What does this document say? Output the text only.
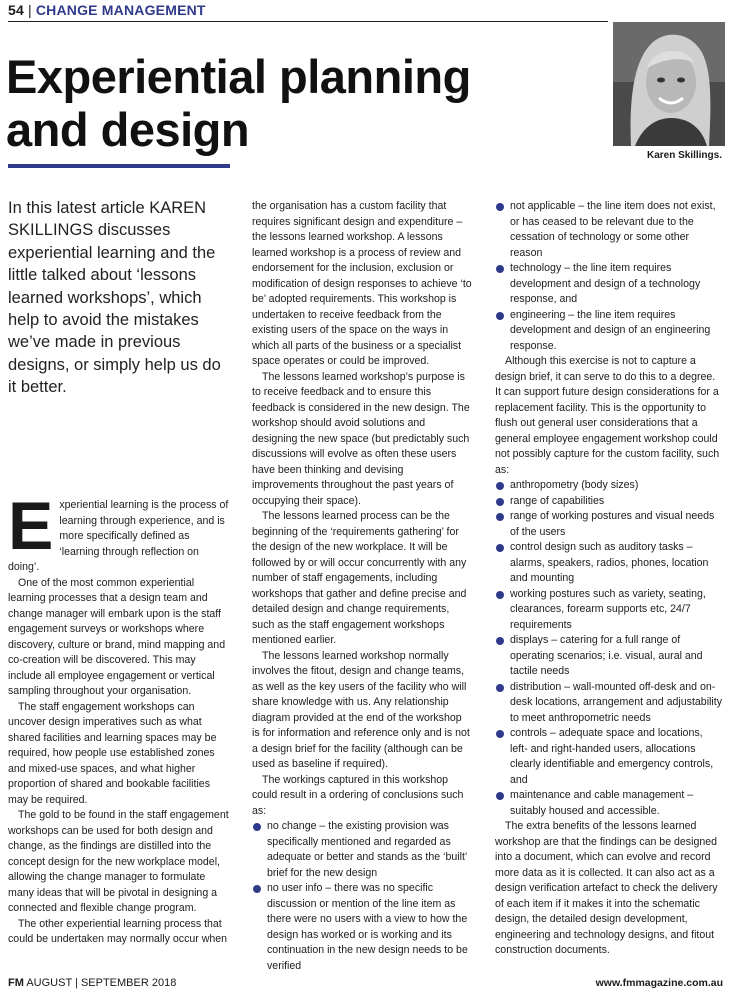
54 | CHANGE MANAGEMENT
Experiential planning
and design	Karen Skillings.

In this latest article KAREN SKILLINGS discusses experiential learning and the little talked about ‘lessons learned workshops’, which help to avoid the mistakes we’ve made in previous designs, or simply help us do it better.

Experiential learning is the process of learning through experience, and is more specifically defined as ‘learning through reflection on doing’.

One of the most common experiential learning processes that a design team and change manager will embark upon is the staff engagement surveys or workshops where discovery, culture or brand, mind mapping and co-creation will be discovered. This may include all employee engagement or vertical sampling throughout your organisation.

The staff engagement workshops can uncover design imperatives such as what shared facilities and learning spaces may be required, how people use established zones and mixed-use spaces, and what higher proportion of shared and bookable facilities may be required.

The gold to be found in the staff engagement workshops can be used for both design and change, as the findings are distilled into the concept design for the new workplace model, allowing the change manager to formulate many ideas that will be pivotal in designing a connected and flexible change program.

The other experiential learning process that could be undertaken may normally occur when

the organisation has a custom facility that requires significant design and expenditure – the lessons learned workshop. A lessons learned workshop is a process of review and endorsement for the inclusion, exclusion or modification of design responses to achieve ‘to be’ adopted requirements. This workshop is undertaken to receive feedback from the existing users of the space on the ways in which all parts of the business or a specialist space operates or could be improved.

The lessons learned workshop’s purpose is to receive feedback and to ensure this feedback is considered in the new design. The workshop should avoid solutions and designing the new space (but predictably such discussions will evolve as often these users have been thinking and devising improvements throughout the past years of occupying their space).

The lessons learned process can be the beginning of the ‘requirements gathering’ for the design of the new workplace. It will be followed by or will occur concurrently with any number of staff engagements, including workshops that gather and define precise and detailed design and change requirements, such as the staff engagement workshops mentioned earlier.

The lessons learned workshop normally involves the fitout, design and change teams, as well as the key users of the facility who will share knowledge with us. Any relationship diagram provided at the end of the workshop is for information and reference only and is not a design brief for the facility (although can be used as baseline if required).

The workings captured in this workshop could result in a ordering of conclusions such as:

no change – the existing provision was specifically mentioned and regarded as adequate or better and stands as the ‘built’ brief for the new design
no user info – there was no specific discussion or mention of the line item as there were no users with a view to how the design has worked or is working and its continuation in the new design needs to be verified
not applicable – the line item does not exist, or has ceased to be relevant due to the cessation of technology or some other reason
technology – the line item requires development and design of a technology response, and
engineering – the line item requires development and design of an engineering response.

Although this exercise is not to capture a design brief, it can serve to do this to a degree. It can support future design considerations for a replacement facility. This is the opportunity to flush out general user considerations that a general employee engagement workshop could not possibly capture for the custom facility, such as:

anthropometry (body sizes)
range of capabilities
range of working postures and visual needs of the users
control design such as auditory tasks – alarms, speakers, radios, phones, location and mounting
working postures such as variety, seating, clearances, forearm supports etc, 24/7 requirements
displays – catering for a full range of operating scenarios; i.e. visual, aural and tactile needs
distribution – wall-mounted off-desk and on-desk locations, arrangement and adjustability to meet anthropometric needs
controls – adequate space and locations, left- and right-handed users, allocations clearly identifiable and emergency controls, and
maintenance and cable management – suitably housed and accessible.

The extra benefits of the lessons learned workshop are that the findings can be designed into a document, which can evolve and record more data as it is collected. It can also act as a design verification artefact to check the delivery of each item if it makes it into the schematic design, the detailed design development, engineering and technology designs, and fitout construction documents.

FM AUGUST | SEPTEMBER 2018	www.fmmagazine.com.au
